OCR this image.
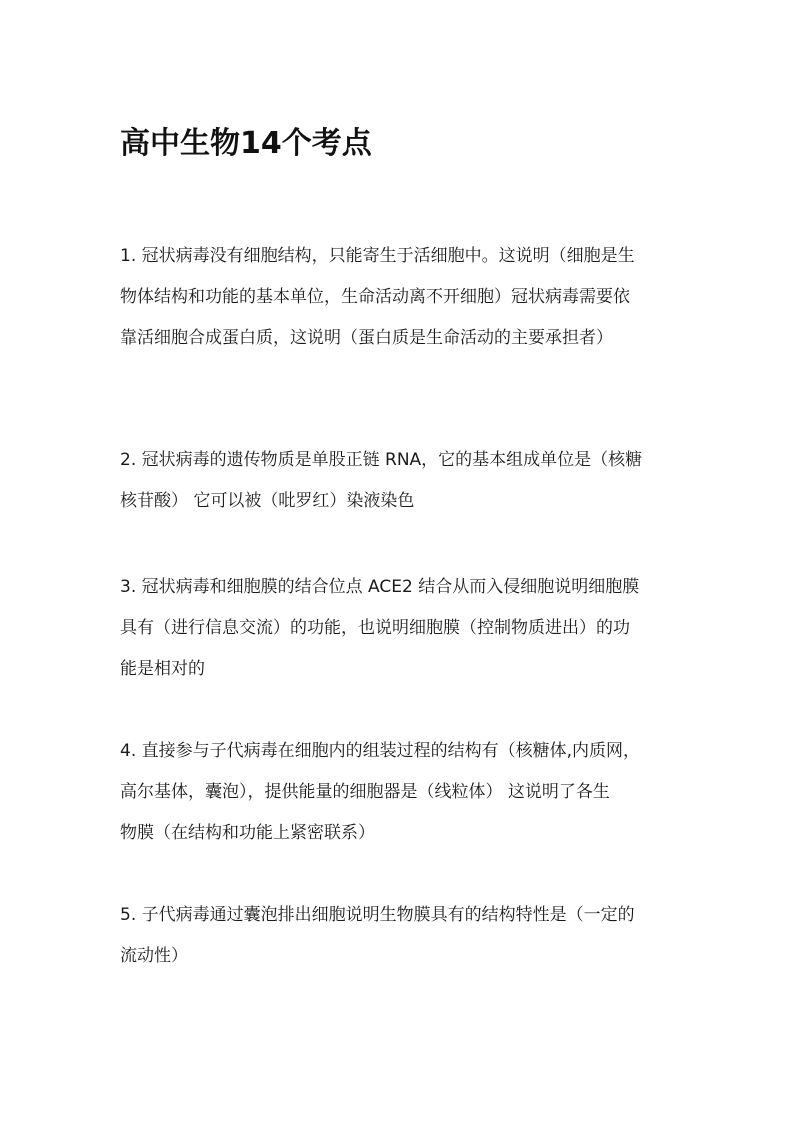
高中生物14个考点
1. 冠状病毒没有细胞结构，只能寄生于活细胞中。这说明（细胞是生
物体结构和功能的基本单位，生命活动离不开细胞）冠状病毒需要依
靠活细胞合成蛋白质，这说明（蛋白质是生命活动的主要承担者）
2. 冠状病毒的遗传物质是单股正链 RNA，它的基本组成单位是（核糖
核苷酸） 它可以被（吡罗红）染液染色
3. 冠状病毒和细胞膜的结合位点 ACE2 结合从而入侵细胞说明细胞膜
具有（进行信息交流）的功能，也说明细胞膜（控制物质进出）的功
能是相对的
4. 直接参与子代病毒在细胞内的组装过程的结构有（核糖体,内质网，
高尔基体，囊泡），提供能量的细胞器是（线粒体） 这说明了各生
物膜（在结构和功能上紧密联系）
5. 子代病毒通过囊泡排出细胞说明生物膜具有的结构特性是（一定的
流动性）
